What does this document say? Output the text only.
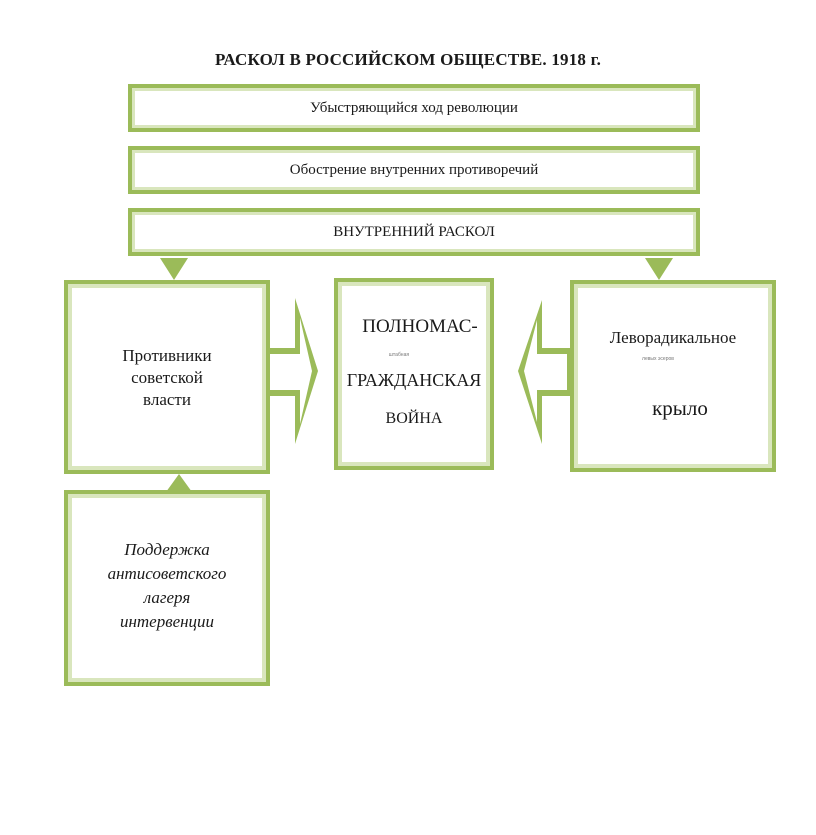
РАСКОЛ В РОССИЙСКОМ ОБЩЕСТВЕ. 1918 г.
Убыстряющийся ход революции
Обострение внутренних противоречий
ВНУТРЕННИЙ РАСКОЛ
Противники
советской
власти
ПОЛНОМАС-
штабная
ГРАЖДАНСКАЯ
ВОЙНА
Леворадикальное
левых эсеров
крыло
Поддержка
антисоветского
лагеря
интервенции
